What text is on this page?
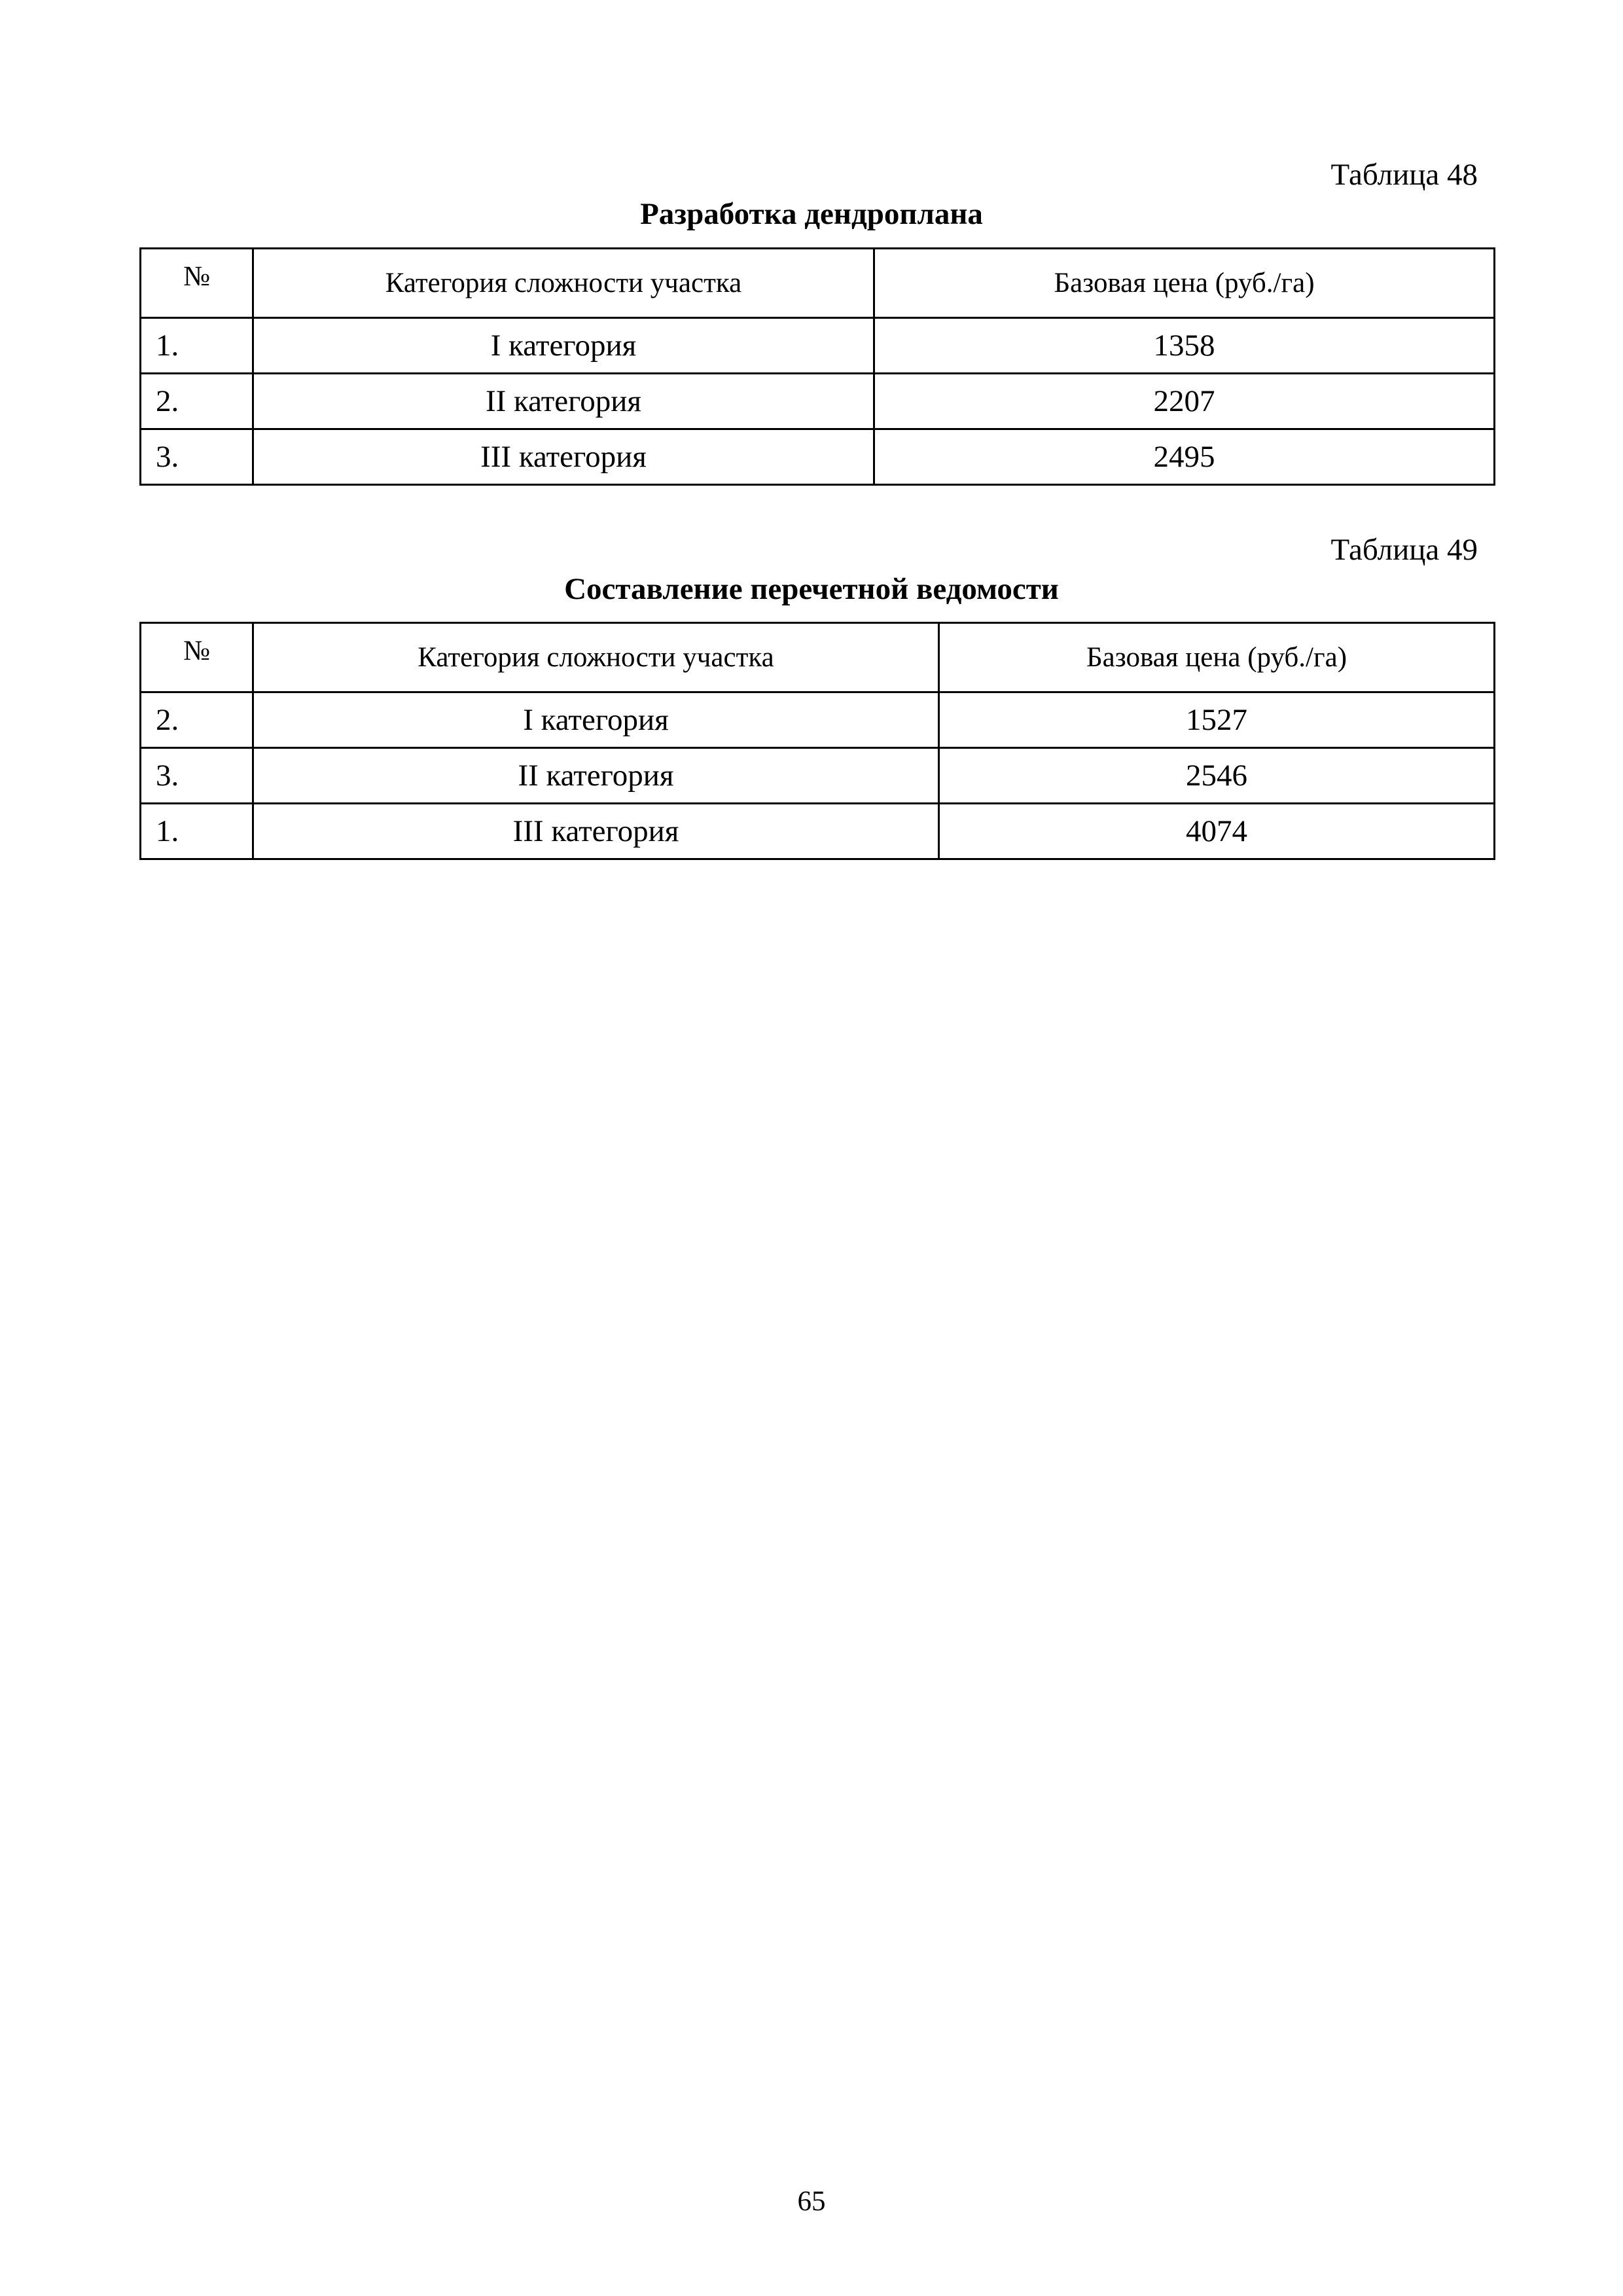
Таблица 48
Разработка дендроплана
№	Категория сложности участка	Базовая цена (руб./га)
1.	I категория	1358
2.	II категория	2207
3.	III категория	2495
Таблица 49
Составление перечетной ведомости
№	Категория сложности участка	Базовая цена (руб./га)
2.	I категория	1527
3.	II категория	2546
1.	III категория	4074
65
